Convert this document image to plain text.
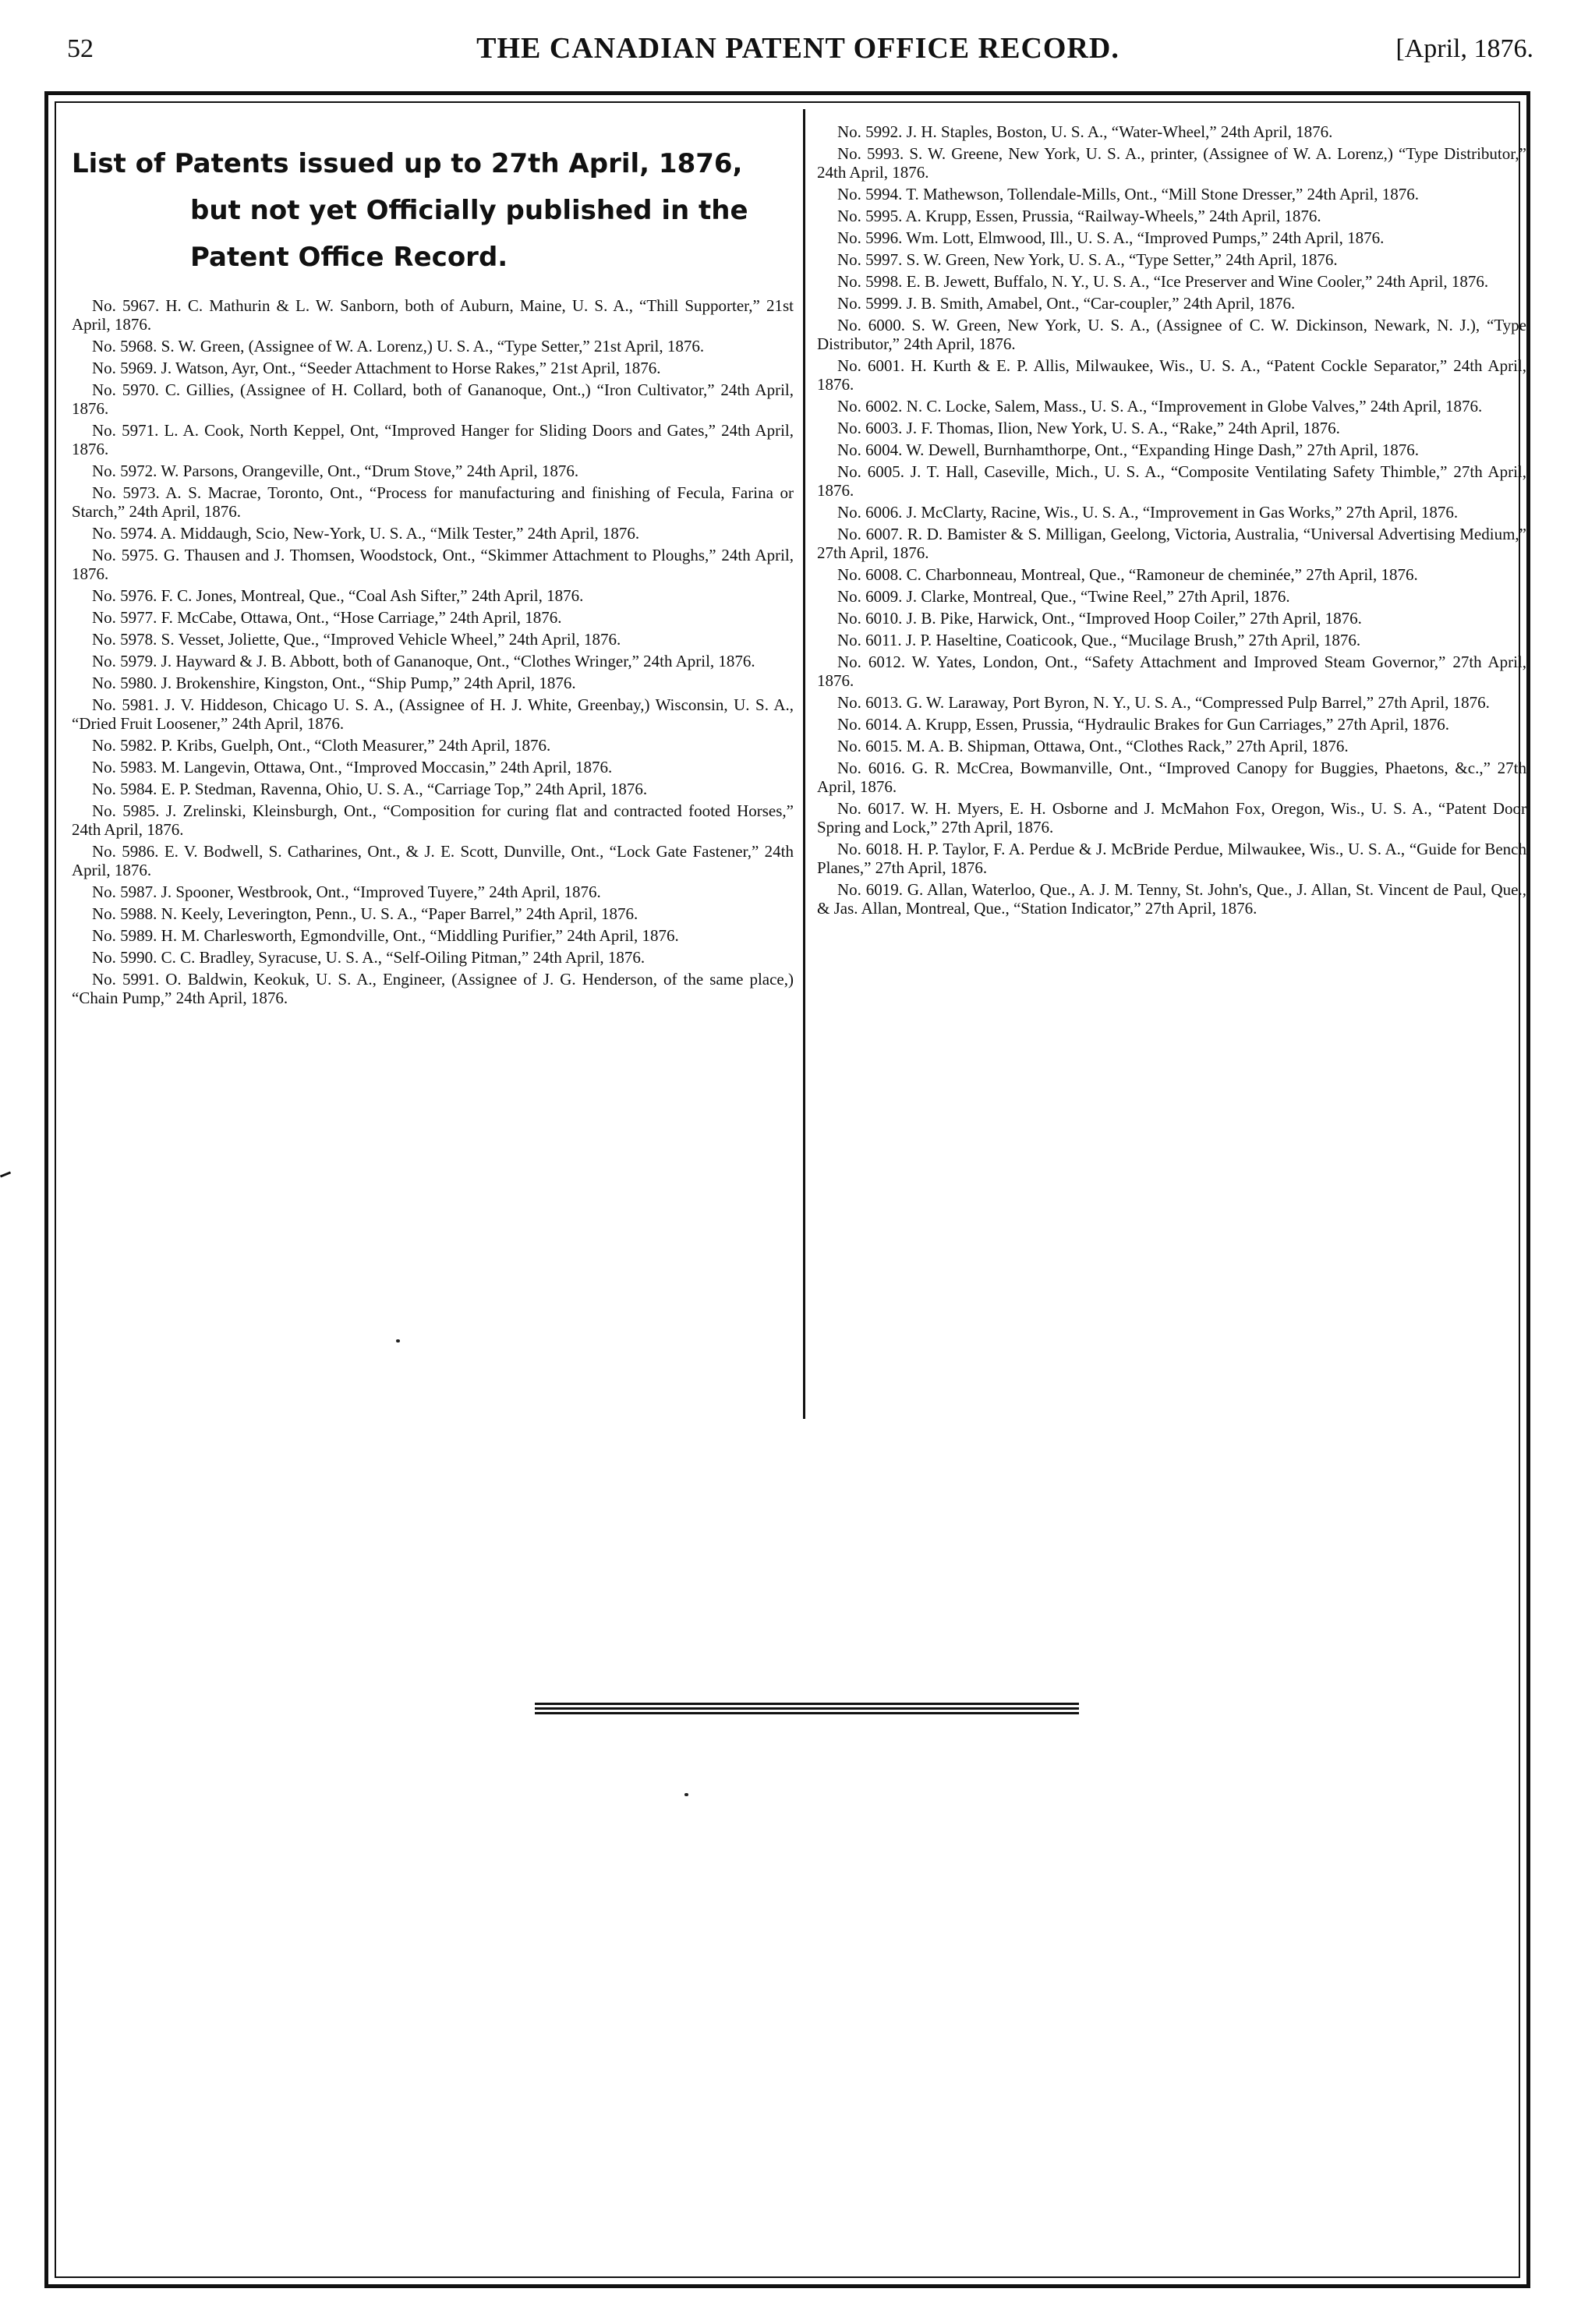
52	THE CANADIAN PATENT OFFICE RECORD.	[April, 1876.

List of Patents issued up to 27th April, 1876, but not yet Officially published in the Patent Office Record.

No. 5967. H. C. Mathurin & L. W. Sanborn, both of Auburn, Maine, U. S. A., “Thill Supporter,” 21st April, 1876.

No. 5968. S. W. Green, (Assignee of W. A. Lorenz,) U. S. A., “Type Setter,” 21st April, 1876.

No. 5969. J. Watson, Ayr, Ont., “Seeder Attachment to Horse Rakes,” 21st April, 1876.

No. 5970. C. Gillies, (Assignee of H. Collard, both of Gananoque, Ont.,) “Iron Cultivator,” 24th April, 1876.

No. 5971. L. A. Cook, North Keppel, Ont, “Improved Hanger for Sliding Doors and Gates,” 24th April, 1876.

No. 5972. W. Parsons, Orangeville, Ont., “Drum Stove,” 24th April, 1876.

No. 5973. A. S. Macrae, Toronto, Ont., “Process for manufacturing and finishing of Fecula, Farina or Starch,” 24th April, 1876.

No. 5974. A. Middaugh, Scio, New-York, U. S. A., “Milk Tester,” 24th April, 1876.

No. 5975. G. Thausen and J. Thomsen, Woodstock, Ont., “Skimmer Attachment to Ploughs,” 24th April, 1876.

No. 5976. F. C. Jones, Montreal, Que., “Coal Ash Sifter,” 24th April, 1876.

No. 5977. F. McCabe, Ottawa, Ont., “Hose Carriage,” 24th April, 1876.

No. 5978. S. Vesset, Joliette, Que., “Improved Vehicle Wheel,” 24th April, 1876.

No. 5979. J. Hayward & J. B. Abbott, both of Gananoque, Ont., “Clothes Wringer,” 24th April, 1876.

No. 5980. J. Brokenshire, Kingston, Ont., “Ship Pump,” 24th April, 1876.

No. 5981. J. V. Hiddeson, Chicago U. S. A., (Assignee of H. J. White, Greenbay,) Wisconsin, U. S. A., “Dried Fruit Loosener,” 24th April, 1876.

No. 5982. P. Kribs, Guelph, Ont., “Cloth Measurer,” 24th April, 1876.

No. 5983. M. Langevin, Ottawa, Ont., “Improved Moccasin,” 24th April, 1876.

No. 5984. E. P. Stedman, Ravenna, Ohio, U. S. A., “Carriage Top,” 24th April, 1876.

No. 5985. J. Zrelinski, Kleinsburgh, Ont., “Composition for curing flat and contracted footed Horses,” 24th April, 1876.

No. 5986. E. V. Bodwell, S. Catharines, Ont., & J. E. Scott, Dunville, Ont., “Lock Gate Fastener,” 24th April, 1876.

No. 5987. J. Spooner, Westbrook, Ont., “Improved Tuyere,” 24th April, 1876.

No. 5988. N. Keely, Leverington, Penn., U. S. A., “Paper Barrel,” 24th April, 1876.

No. 5989. H. M. Charlesworth, Egmondville, Ont., “Middling Purifier,” 24th April, 1876.

No. 5990. C. C. Bradley, Syracuse, U. S. A., “Self-Oiling Pitman,” 24th April, 1876.

No. 5991. O. Baldwin, Keokuk, U. S. A., Engineer, (Assignee of J. G. Henderson, of the same place,) “Chain Pump,” 24th April, 1876.

No. 5992. J. H. Staples, Boston, U. S. A., “Water-Wheel,” 24th April, 1876.

No. 5993. S. W. Greene, New York, U. S. A., printer, (Assignee of W. A. Lorenz,) “Type Distributor,” 24th April, 1876.

No. 5994. T. Mathewson, Tollendale-Mills, Ont., “Mill Stone Dresser,” 24th April, 1876.

No. 5995. A. Krupp, Essen, Prussia, “Railway-Wheels,” 24th April, 1876.

No. 5996. Wm. Lott, Elmwood, Ill., U. S. A., “Improved Pumps,” 24th April, 1876.

No. 5997. S. W. Green, New York, U. S. A., “Type Setter,” 24th April, 1876.

No. 5998. E. B. Jewett, Buffalo, N. Y., U. S. A., “Ice Preserver and Wine Cooler,” 24th April, 1876.

No. 5999. J. B. Smith, Amabel, Ont., “Car-coupler,” 24th April, 1876.

No. 6000. S. W. Green, New York, U. S. A., (Assignee of C. W. Dickinson, Newark, N. J.), “Type Distributor,” 24th April, 1876.

No. 6001. H. Kurth & E. P. Allis, Milwaukee, Wis., U. S. A., “Patent Cockle Separator,” 24th April, 1876.

No. 6002. N. C. Locke, Salem, Mass., U. S. A., “Improvement in Globe Valves,” 24th April, 1876.

No. 6003. J. F. Thomas, Ilion, New York, U. S. A., “Rake,” 24th April, 1876.

No. 6004. W. Dewell, Burnhamthorpe, Ont., “Expanding Hinge Dash,” 27th April, 1876.

No. 6005. J. T. Hall, Caseville, Mich., U. S. A., “Composite Ventilating Safety Thimble,” 27th April, 1876.

No. 6006. J. McClarty, Racine, Wis., U. S. A., “Improvement in Gas Works,” 27th April, 1876.

No. 6007. R. D. Bamister & S. Milligan, Geelong, Victoria, Australia, “Universal Advertising Medium,” 27th April, 1876.

No. 6008. C. Charbonneau, Montreal, Que., “Ramoneur de cheminée,” 27th April, 1876.

No. 6009. J. Clarke, Montreal, Que., “Twine Reel,” 27th April, 1876.

No. 6010. J. B. Pike, Harwick, Ont., “Improved Hoop Coiler,” 27th April, 1876.

No. 6011. J. P. Haseltine, Coaticook, Que., “Mucilage Brush,” 27th April, 1876.

No. 6012. W. Yates, London, Ont., “Safety Attachment and Improved Steam Governor,” 27th April, 1876.

No. 6013. G. W. Laraway, Port Byron, N. Y., U. S. A., “Compressed Pulp Barrel,” 27th April, 1876.

No. 6014. A. Krupp, Essen, Prussia, “Hydraulic Brakes for Gun Carriages,” 27th April, 1876.

No. 6015. M. A. B. Shipman, Ottawa, Ont., “Clothes Rack,” 27th April, 1876.

No. 6016. G. R. McCrea, Bowmanville, Ont., “Improved Canopy for Buggies, Phaetons, &c.,” 27th April, 1876.

No. 6017. W. H. Myers, E. H. Osborne and J. McMahon Fox, Oregon, Wis., U. S. A., “Patent Door Spring and Lock,” 27th April, 1876.

No. 6018. H. P. Taylor, F. A. Perdue & J. McBride Perdue, Milwaukee, Wis., U. S. A., “Guide for Bench Planes,” 27th April, 1876.

No. 6019. G. Allan, Waterloo, Que., A. J. M. Tenny, St. John's, Que., J. Allan, St. Vincent de Paul, Que., & Jas. Allan, Montreal, Que., “Station Indicator,” 27th April, 1876.
